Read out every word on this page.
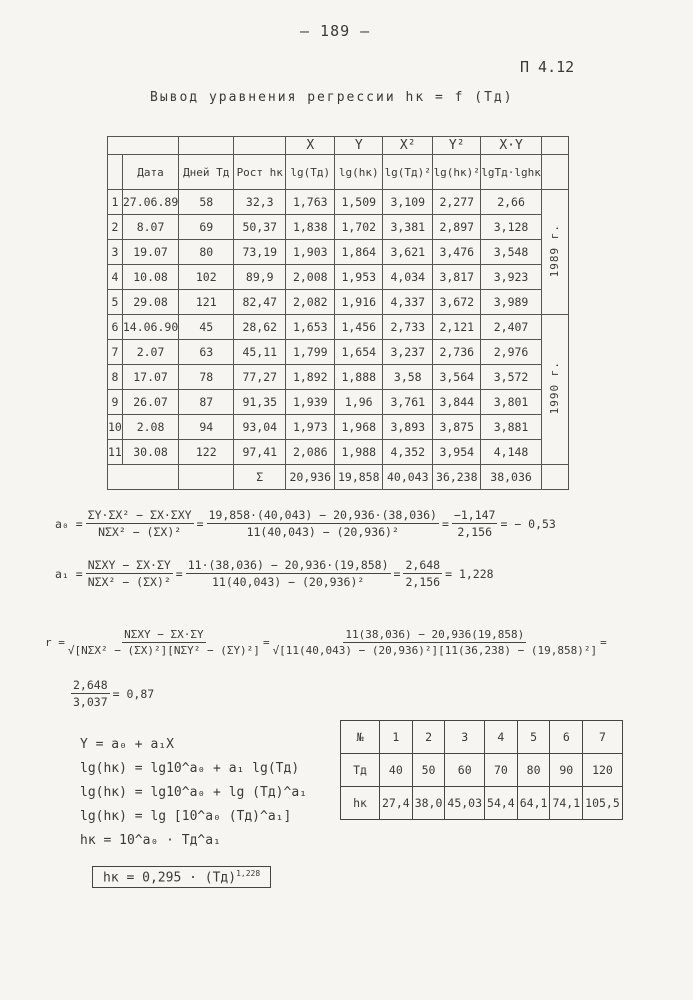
– 189 –
П 4.12
Вывод уравнения регрессии hк = f (Tд)
				X	Y	X²	Y²	X·Y	
	Дата	Дней Tд	Рост hк	lg(Tд)	lg(hк)	lg(Tд)²	lg(hк)²	lgTд·lghк	
1	27.06.89	58	32,3	1,763	1,509	3,109	2,277	2,66	1989 г.
2	8.07	69	50,37	1,838	1,702	3,381	2,897	3,128	
3	19.07	80	73,19	1,903	1,864	3,621	3,476	3,548	
4	10.08	102	89,9	2,008	1,953	4,034	3,817	3,923	
5	29.08	121	82,47	2,082	1,916	4,337	3,672	3,989	
6	14.06.90	45	28,62	1,653	1,456	2,733	2,121	2,407	1990 г.
7	2.07	63	45,11	1,799	1,654	3,237	2,736	2,976	
8	17.07	78	77,27	1,892	1,888	3,58	3,564	3,572	
9	26.07	87	91,35	1,939	1,96	3,761	3,844	3,801	
10	2.08	94	93,04	1,973	1,968	3,893	3,875	3,881	
11	30.08	122	97,41	2,086	1,988	4,352	3,954	4,148	
			Σ	20,936	19,858	40,043	36,238	38,036	
$a_0 = \frac{\text{ΣY·ΣX² − ΣX·ΣXY}}{\text{NΣX² − (ΣX)²}} = \frac{19,858\cdot(40,043) - 20,936\cdot(38,036)}{\text{11(40,043) − (20,936)²}} = \frac{-1,147}{2,156}$ = − 0,53
$a_1 = \frac{\text{NΣXY − ΣX·ΣY}}{\text{NΣX² − (ΣX)²}} = \frac{11\cdot(38,036) - 20,936\cdot(19,858)}{\text{11(40,043) − (20,936)²}} = \frac{2,648}{2,156} = 1,228$
$r = \frac{\text{NΣXY − ΣX·ΣY}}{\text{√[NΣX² − (ΣX)²][NΣY² − (ΣY)²]}} = \frac{11(38,036) - 20,936(19,858)}{\text{√[11(40,043) − (20,936)²][11(36,238) − (19,858)²]}}$ =
$\frac{2,648}{3,037} = 0,87$
Y = a₀ + a₁X
lg(hк) = lg10^a₀ + a₁ lg(Tд)
lg(hк) = lg10^a₀ + lg (Tд)^a₁
lg(hк) = lg [10^a₀ (Tд)^a₁]
hк = 10^a₀ · Tд^a₁
hк = 0,295 · (Tд)$^{1,228}$
№	1	2	3	4	5	6	7
Tд	40	50	60	70	80	90	120
hк	27,4	38,0	45,03	54,4	64,1	74,1	105,5
